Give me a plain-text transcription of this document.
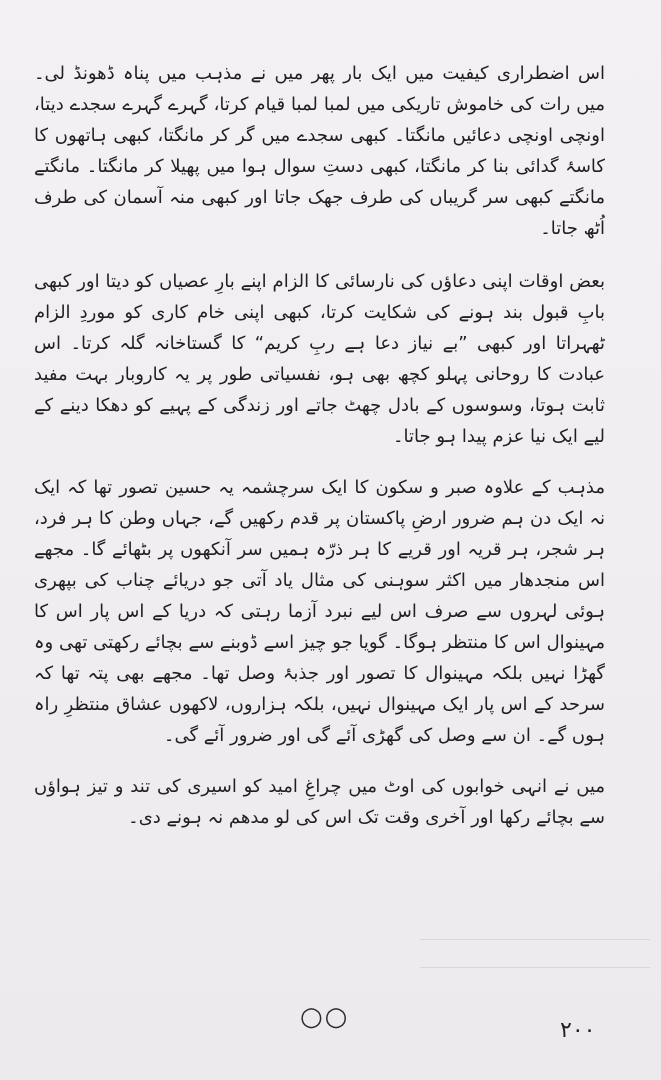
اس اضطراری کیفیت میں ایک بار پھر میں نے مذہب میں پناہ ڈھونڈ لی۔ میں رات کی خاموش تاریکی میں لمبا لمبا قیام کرتا، گہرے گہرے سجدے دیتا، اونچی اونچی دعائیں مانگتا۔ کبھی سجدے میں گر کر مانگتا، کبھی ہاتھوں کا کاسۂ گدائی بنا کر مانگتا، کبھی دستِ سوال ہوا میں پھیلا کر مانگتا۔ مانگتے مانگتے کبھی سر گریباں کی طرف جھک جاتا اور کبھی منہ آسمان کی طرف اُٹھ جاتا۔

بعض اوقات اپنی دعاؤں کی نارسائی کا الزام اپنے بارِ عصیاں کو دیتا اور کبھی بابِ قبول بند ہونے کی شکایت کرتا، کبھی اپنی خام کاری کو موردِ الزام ٹھہراتا اور کبھی ”بے نیاز دعا ہے ربِ کریم“ کا گستاخانہ گلہ کرتا۔ اس عبادت کا روحانی پہلو کچھ بھی ہو، نفسیاتی طور پر یہ کاروبار بہت مفید ثابت ہوتا، وسوسوں کے بادل چھٹ جاتے اور زندگی کے پہیے کو دھکا دینے کے لیے ایک نیا عزم پیدا ہو جاتا۔

مذہب کے علاوہ صبر و سکون کا ایک سرچشمہ یہ حسین تصور تھا کہ ایک نہ ایک دن ہم ضرور ارضِ پاکستان پر قدم رکھیں گے، جہاں وطن کا ہر فرد، ہر شجر، ہر قریہ اور قریے کا ہر ذرّہ ہمیں سر آنکھوں پر بٹھائے گا۔ مجھے اس منجدھار میں اکثر سوہنی کی مثال یاد آتی جو دریائے چناب کی بپھری ہوئی لہروں سے صرف اس لیے نبرد آزما رہتی کہ دریا کے اس پار اس کا مہینوال اس کا منتظر ہوگا۔ گویا جو چیز اسے ڈوبنے سے بچائے رکھتی تھی وہ گھڑا نہیں بلکہ مہینوال کا تصور اور جذبۂ وصل تھا۔ مجھے بھی پتہ تھا کہ سرحد کے اس پار ایک مہینوال نہیں، بلکہ ہزاروں، لاکھوں عشاق منتظرِ راہ ہوں گے۔ ان سے وصل کی گھڑی آئے گی اور ضرور آئے گی۔

میں نے انہی خوابوں کی اوٹ میں چراغِ امید کو اسیری کی تند و تیز ہواؤں سے بچائے رکھا اور آخری وقت تک اس کی لو مدھم نہ ہونے دی۔

○○	۲۰۰
